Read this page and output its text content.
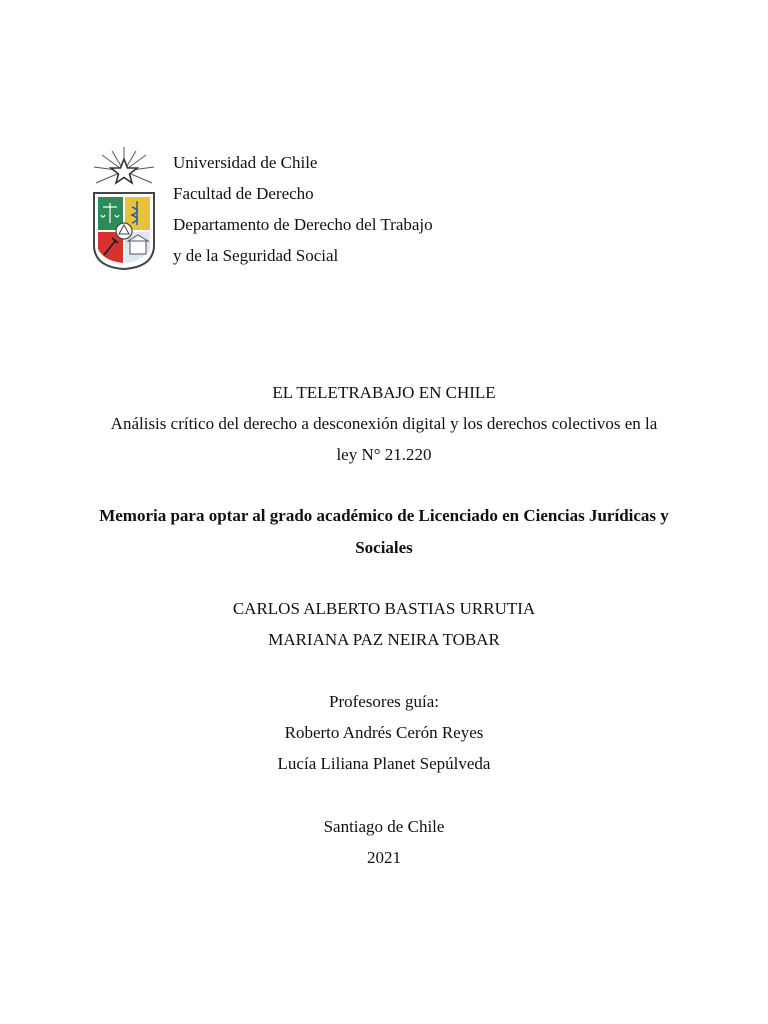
Universidad de Chile
Facultad de Derecho
Departamento de Derecho del Trabajo
y de la Seguridad Social
EL TELETRABAJO EN CHILE
Análisis crítico del derecho a desconexión digital y los derechos colectivos en la
ley N° 21.220
Memoria para optar al grado académico de Licenciado en Ciencias Jurídicas y
Sociales
CARLOS ALBERTO BASTIAS URRUTIA
MARIANA PAZ NEIRA TOBAR
Profesores guía:
Roberto Andrés Cerón Reyes
Lucía Liliana Planet Sepúlveda
Santiago de Chile
2021
